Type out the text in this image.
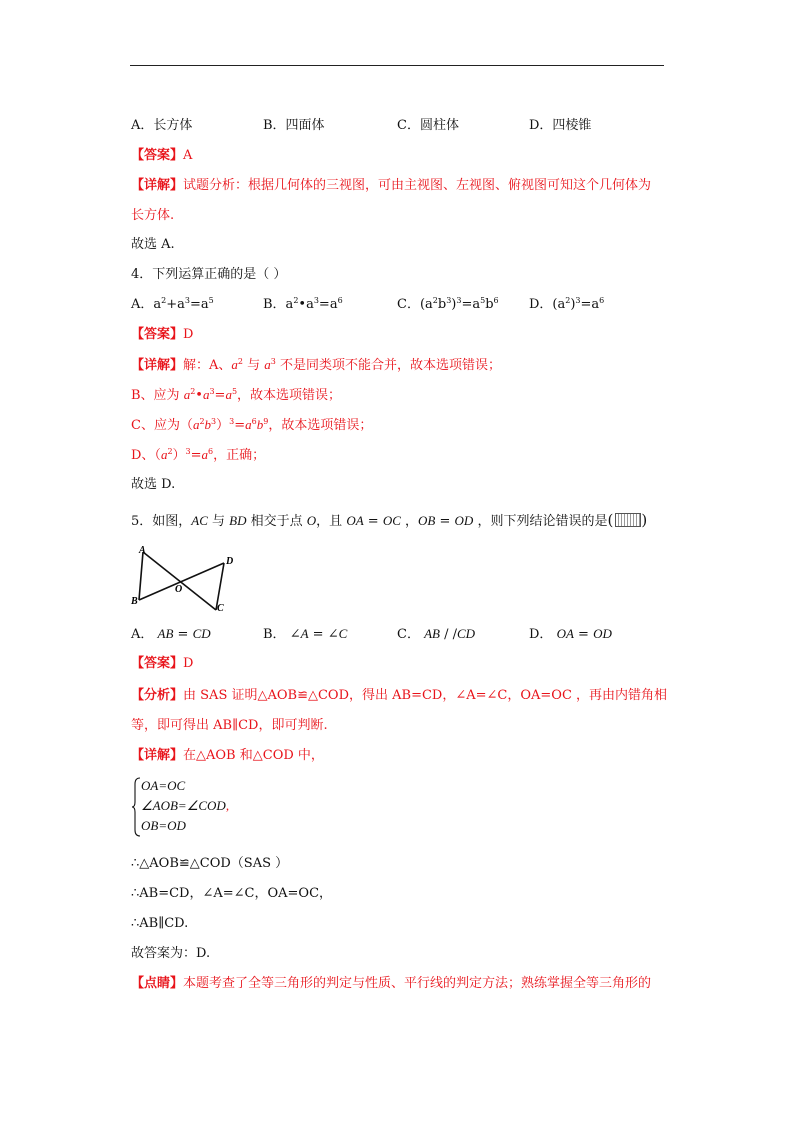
A．长方体	B．四面体	C．圆柱体	D．四棱锥
【答案】A
【详解】试题分析：根据几何体的三视图，可由主视图、左视图、俯视图可知这个几何体为
长方体.
故选 A.
4．下列运算正确的是（ ）
A．$a^2+a^3=a^5$	B．$a^2•a^3=a^6$	C．$(a^2b^3)^3=a^5b^6$ D．$(a^2)^3=a^6$
【答案】D
【详解】解：A、$a^2$ 与 $a^3$ 不是同类项不能合并，故本选项错误；
B、应为 $a^2•a^3=a^5$，故本选项错误；
C、应为$(a^2b^3)^3=a^6b^9$，故本选项错误；
D、$(a^2)^3=a^6$，正确；
故选 D.
5．如图，AC 与 BD 相交于点 O，且 OA = OC ，OB = OD ，则下列结论错误的是( )
A
B
C
D
O
A． AB = CD	B． ∠A = ∠C	C． AB / /CD	D． OA = OD
【答案】D
【分析】由 SAS 证明△AOB≌△COD，得出 AB=CD，∠A=∠C，OA=OC ，再由内错角相
等，即可得出 AB∥CD，即可判断.
【详解】在△AOB 和△COD 中，
OA=OC
∠AOB=∠COD,
OB=OD
∴△AOB≌△COD（SAS ）
∴AB=CD，∠A=∠C，OA=OC，
∴AB∥CD.
故答案为：D.
【点睛】本题考查了全等三角形的判定与性质、平行线的判定方法；熟练掌握全等三角形的
